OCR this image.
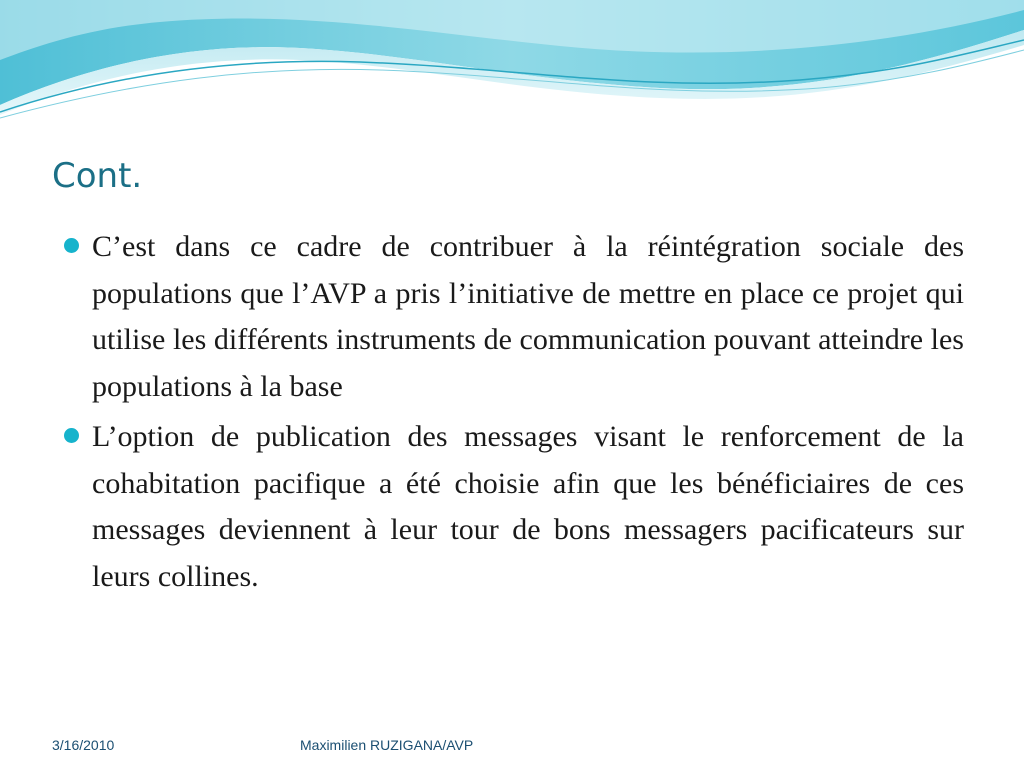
Cont.
C’est dans ce cadre de contribuer à la réintégration sociale des populations que l’AVP a pris l’initiative de mettre en place ce projet qui utilise les différents instruments de communication pouvant atteindre les populations à la base
L’option de publication des messages visant le renforcement de la cohabitation pacifique a été choisie afin que les bénéficiaires de ces messages deviennent à leur tour de bons messagers pacificateurs sur leurs collines.
3/16/2010	Maximilien RUZIGANA/AVP
